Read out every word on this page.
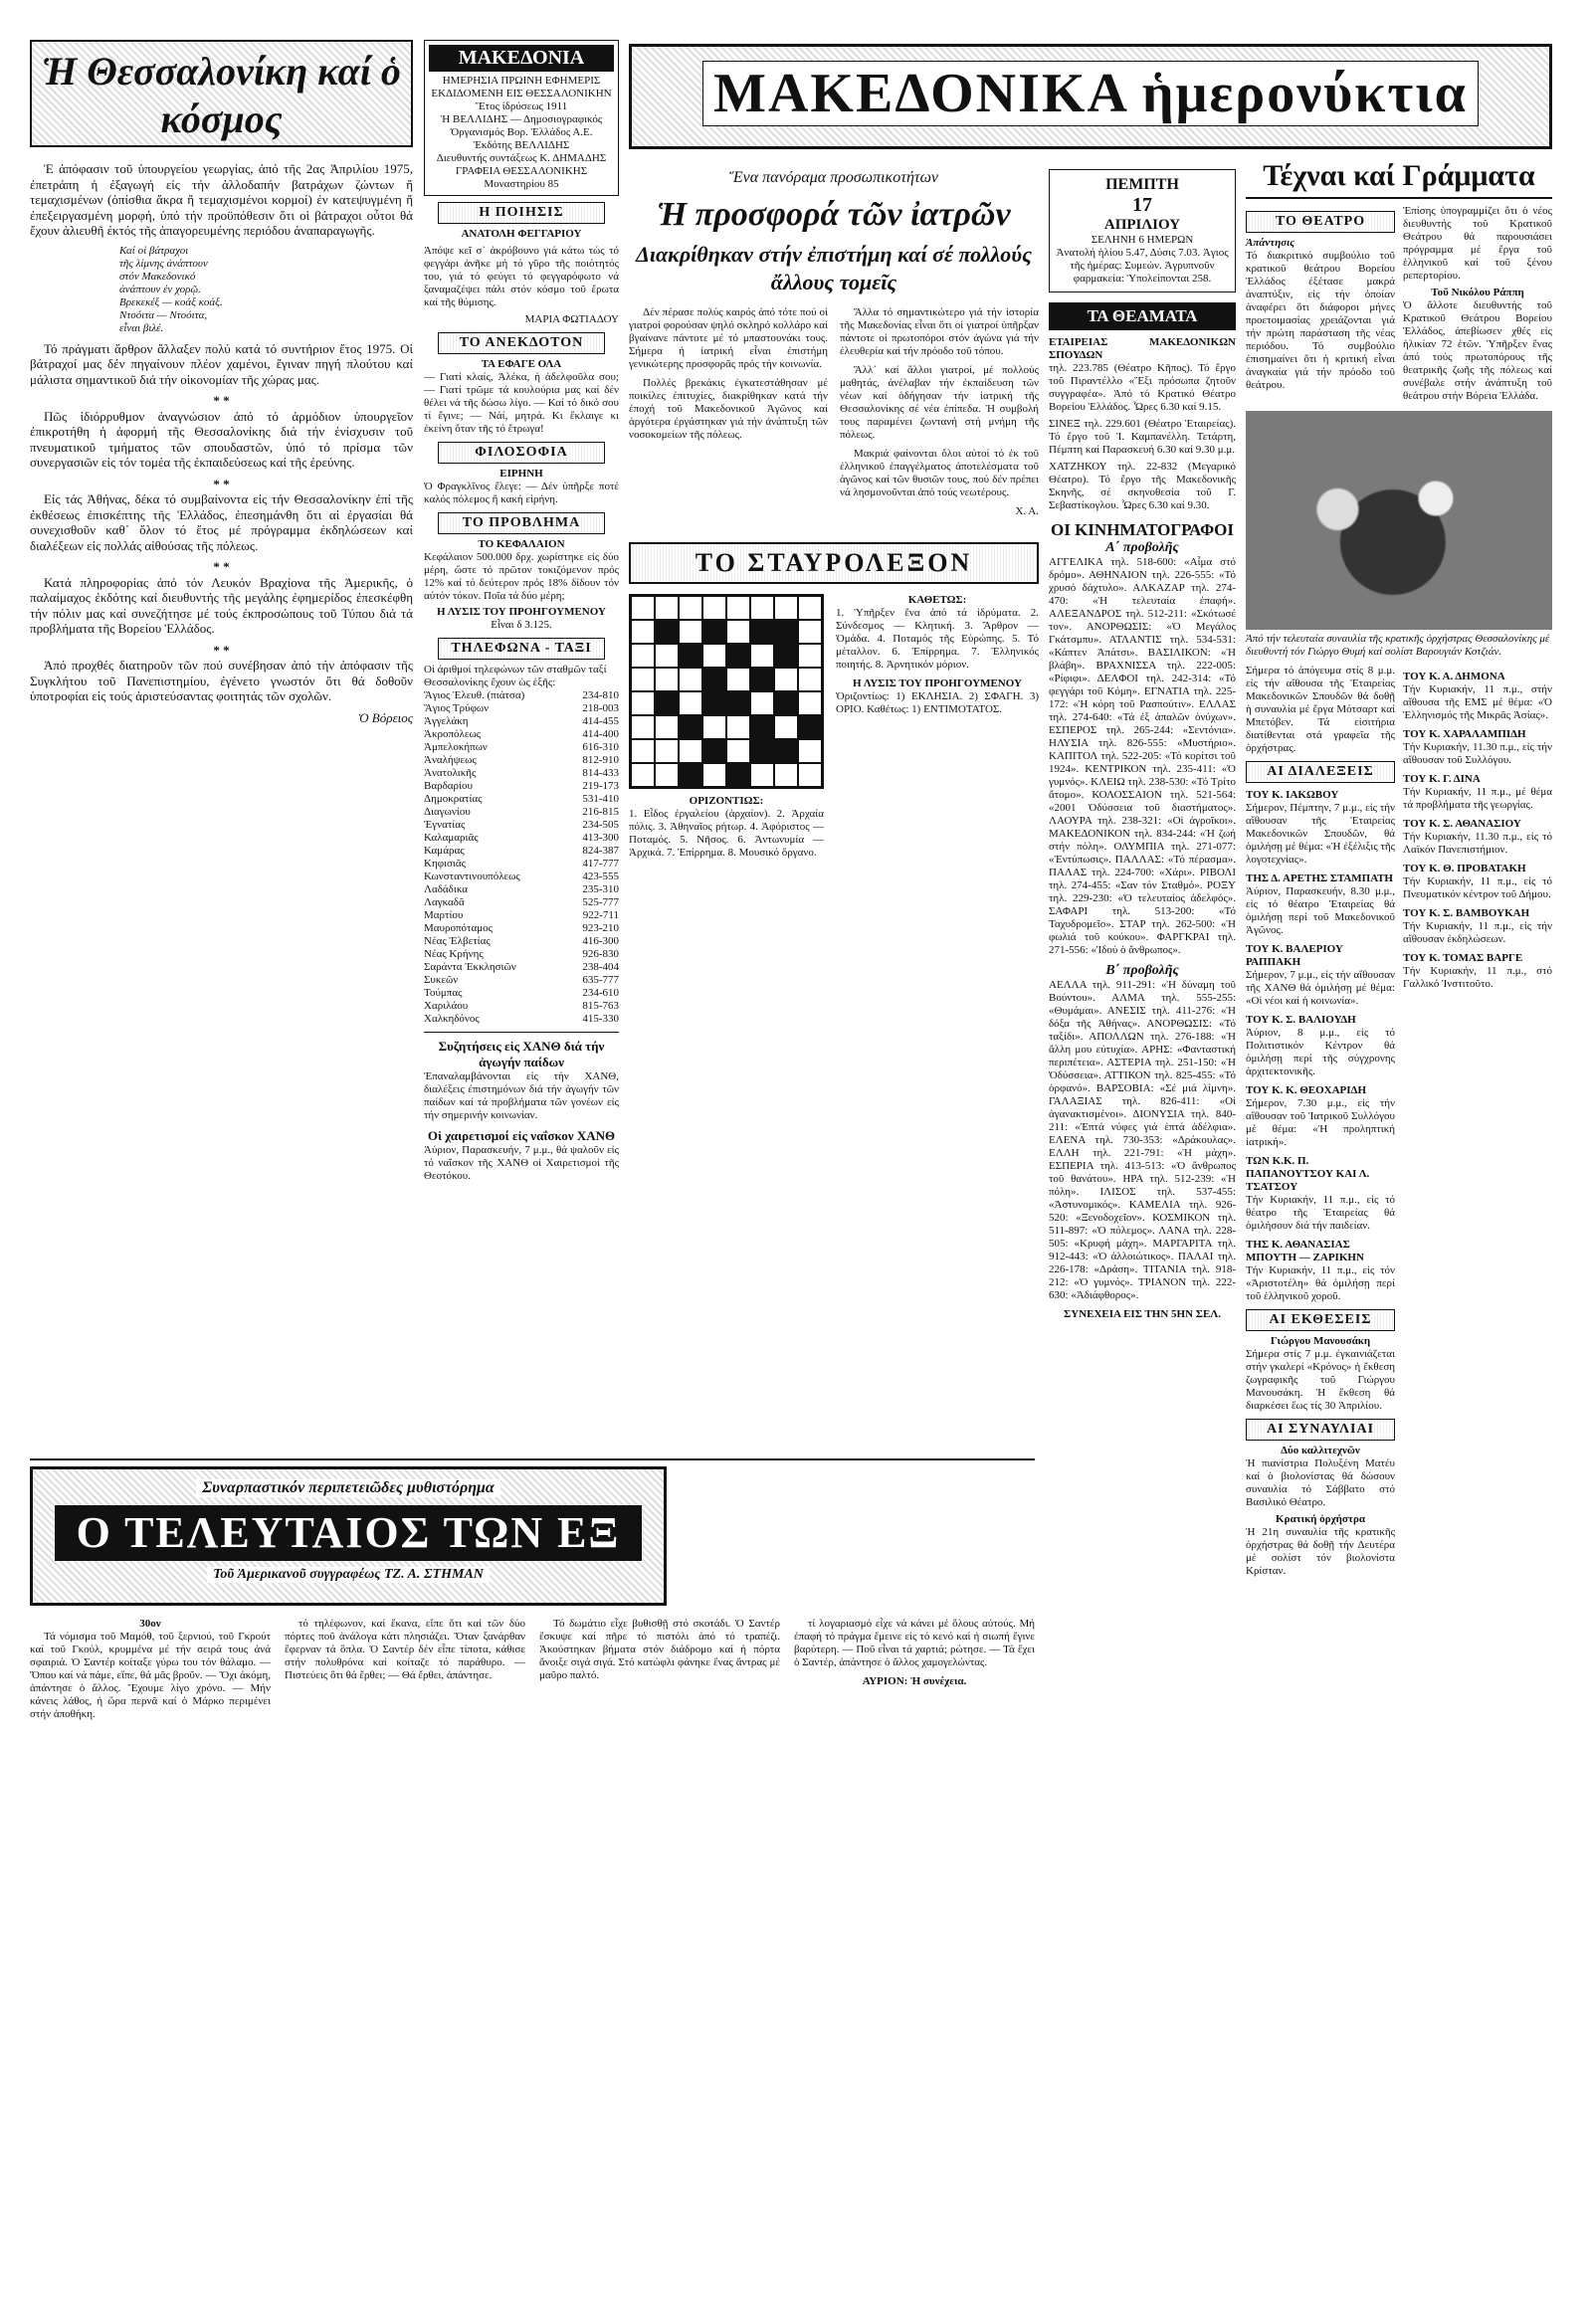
Ἡ Θεσσαλονίκη καί ὁ κόσμος

Ἐ ἀπόφασιν τοῦ ὑπουργείου γεωργίας, ἀπό τῆς 2ας Ἀπριλίου 1975, ἐπετράπη ἡ ἐξαγωγή εἰς τήν ἀλλοδαπήν βατράχων ζώντων ἤ τεμαχισμένων (ὀπίσθια ἄκρα ἤ τεμαχισμένοι κορμοί) ἐν κατεψυγμένη ἤ ἐπεξειργασμένη μορφή, ὑπό τήν προϋπόθεσιν ὅτι οἱ βάτραχοι οὗτοι θά ἔχουν ἀλιευθῆ ἐκτός τῆς ἀπαγορευμένης περιόδου ἀναπαραγωγῆς.

Καί οἱ βάτραχοι
τῆς λίμνης ἀνάπτουν
στόν Μακεδονικό
ἀνάπτουν ἐν χορῷ.
Βρεκεκέξ — κοάξ κοάξ.
Ντοόιτα — Ντοόιτα,
εἶναι βιλέ.

Τό πράγματι ἄρθρον ἄλλαξεν πολύ κατά τό συντήριον ἔτος 1975. Οἱ βάτραχοί μας δέν πηγαίνουν πλέον χαμένοι, ἔγιναν πηγή πλούτου καί μάλιστα σημαντικοῦ διά τήν οἰκονομίαν τῆς χώρας μας.

* *

Πῶς ἱδιόρρυθμον ἀναγνώσιον ἀπό τό ἀρμόδιον ὑπουργεῖον ἐπικροτήθη ἡ ἀφορμή τῆς Θεσσαλονίκης διά τήν ἑνίσχυσιν τοῦ πνευματικοῦ τμήματος τῶν σπουδαστῶν, ὑπό τό πρίσμα τῶν συνεργασιῶν εἰς τόν τομέα τῆς ἐκπαιδεύσεως καί τῆς ἐρεύνης.

* *

Εἰς τάς Ἀθήνας, δέκα τό συμβαίνοντα εἰς τήν Θεσσαλονίκην ἐπί τῆς ἐκθέσεως ἐπισκέπτης τῆς Ἑλλάδος, ἐπεσημάνθη ὅτι αἱ ἐργασίαι θά συνεχισθοῦν καθ᾽ ὅλον τό ἔτος μέ πρόγραμμα ἐκδηλώσεων καί διαλέξεων εἰς πολλάς αἰθούσας τῆς πόλεως.

* *

Κατά πληροφορίας ἀπό τόν Λευκόν Βραχίονα τῆς Ἀμερικῆς, ὁ παλαίμαχος ἐκδότης καί διευθυντής τῆς μεγάλης ἐφημερίδος ἐπεσκέφθη τήν πόλιν μας καί συνεζήτησε μέ τούς ἐκπροσώπους τοῦ Τύπου διά τά προβλήματα τῆς Βορείου Ἑλλάδος.

* *

Ἀπό προχθές διατηροῦν τῶν πού συνέβησαν ἀπό τήν ἀπόφασιν τῆς Συγκλήτου τοῦ Πανεπιστημίου, ἐγένετο γνωστόν ὅτι θά δοθοῦν ὑποτροφίαι εἰς τούς ἀριστεύσαντας φοιτητάς τῶν σχολῶν.

Ὁ Βόρειος
ΜΑΚΕΔΟΝΙΑ
ΗΜΕΡΗΣΙΑ ΠΡΩΙΝΗ ΕΦΗΜΕΡΙΣ ΕΚΔΙΔΟΜΕΝΗ ΕΙΣ ΘΕΣΣΑΛΟΝΙΚΗΝ
Ἔτος ἱδρύσεως 1911
Ἡ ΒΕΛΛΙΔΗΣ — Δημοσιογραφικός Ὀργανισμός Βορ. Ἑλλάδος Α.Ε.
Ἐκδότης ΒΕΛΛΙΔΗΣ
Διευθυντής συντάξεως Κ. ΔΗΜΑΔΗΣ
ΓΡΑΦΕΙΑ ΘΕΣΣΑΛΟΝΙΚΗΣ Μοναστηρίου 85
Η ΠΟΙΗΣΙΣ
ΑΝΑΤΟΛΗ ΦΕΓΓΑΡΙΟΥ
Ἀπόψε κεῖ σ᾽ ἀκρόβουνο γιά κάτω τώς τό φεγγάρι ἀνῆκε μή τό γῦρο τῆς ποιότητός του, γιά τό φεύγει τό φεγγαρόφωτο νά ξαναμαζέψει πάλι στόν κόσμο τοῦ ἔρωτα καί τῆς θύμισης.
ΜΑΡΙΑ ΦΩΤΙΑΔΟΥ
ΤΟ ΑΝΕΚΔΟΤΟΝ
ΤΑ ΕΦΑΓΕ ΟΛΑ
— Γιατί κλαίς, Ἀλέκα, ἡ ἀδελφοῦλα σου; — Γιατί τρῶμε τά κουλούρια μας καί δέν θέλει νά τῆς δώσω λίγο. — Καί τό δικό σου τί ἔγινε; — Νάί, μητρά. Κι ἔκλαιγε κι ἐκείνη ὅταν τῆς τό ἔτρωγα!
ΦΙΛΟΣΟΦΙΑ
ΕΙΡΗΝΗ
Ὁ Φραγκλῖνος ἔλεγε: — Δέν ὑπῆρξε ποτέ καλός πόλεμος ἤ κακή εἰρήνη.
ΤΟ ΠΡΟΒΛΗΜΑ
ΤΟ ΚΕΦΑΛΑΙΟΝ
Κεφάλαιον 500.000 δρχ. χωρίστηκε εἰς δύο μέρη, ὥστε τό πρῶτον τοκιζόμενον πρός 12% καί τό δεύτερον πρός 18% δίδουν τόν αὐτόν τόκον. Ποῖα τά δύο μέρη;
Η ΛΥΣΙΣ ΤΟΥ ΠΡΟΗΓΟΥΜΕΝΟΥ
Εἶναι δ 3.125.
ΤΗΛΕΦΩΝΑ - ΤΑΞΙ
Οἱ ἀριθμοί τηλεφώνων τῶν σταθμῶν ταξί Θεσσαλονίκης ἔχουν ὡς ἑξῆς:
Ἅγιος Ἐλευθ. (πιάτσα)	234-810
Ἅγιος Τρύφων	218-003
Ἀγγελάκη	414-455
Ἀκροπόλεως	414-400
Ἀμπελοκήπων	616-310
Ἀναλήψεως	812-910
Ἀνατολικῆς	814-433
Βαρδαρίου	219-173
Δημοκρατίας	531-410
Διαγωνίου	216-815
Ἐγνατίας	234-505
Καλαμαριᾶς	413-300
Καμάρας	824-387
Κηφισιᾶς	417-777
Κωνσταντινουπόλεως	423-555
Λαδάδικα	235-310
Λαγκαδᾶ	525-777
Μαρτίου	922-711
Μαυροπόταμος	923-210
Νέας Ἐλβετίας	416-300
Νέας Κρήνης	926-830
Σαράντα Ἐκκλησιῶν	238-404
Συκεῶν	635-777
Τούμπας	234-610
Χαριλάου	815-763
Χαλκηδόνος	415-330
Συζητήσεις εἰς ΧΑΝΘ διά τήν ἀγωγήν παίδων
Ἐπαναλαμβάνονται εἰς τήν ΧΑΝΘ, διαλέξεις ἐπιστημόνων διά τήν ἀγωγήν τῶν παίδων καί τά προβλήματα τῶν γονέων εἰς τήν σημερινήν κοινωνίαν.
Οἱ χαιρετισμοί εἰς ναΐσκον ΧΑΝΘ
Ἀύριον, Παρασκευήν, 7 μ.μ., θά ψαλοῦν εἰς τό ναΐσκον τῆς ΧΑΝΘ οἱ Χαιρετισμοί τῆς Θεοτόκου.
ΜΑΚΕΔΟΝΙΚΑ ἡμερονύκτια
Ἕνα πανόραμα προσωπικοτήτων
Ἡ προσφορά τῶν ἰατρῶν
Διακρίθηκαν στήν ἐπιστήμη καί σέ πολλούς ἄλλους τομεῖς

Δέν πέρασε πολύς καιρός ἀπό τότε πού οἱ γιατροί φορούσαν ψηλό σκληρό κολλάρο καί βγαίνανε πάντοτε μέ τό μπαστουνάκι τους. Σήμερα ἡ ἰατρική εἶναι ἐπιστήμη γενικώτερης προσφορᾶς πρός τήν κοινωνία.

Πολλές βρεκάκις ἐγκατεστάθησαν μέ ποικίλες ἐπιτυχίες, διακρίθηκαν κατά τήν ἐποχή τοῦ Μακεδονικοῦ Ἀγῶνος καί ἀργότερα ἐργάστηκαν γιά τήν ἀνάπτυξη τῶν νοσοκομείων τῆς πόλεως.

Ἄλλα τό σημαντικώτερο γιά τήν ἱστορία τῆς Μακεδονίας εἶναι ὅτι οἱ γιατροί ὑπῆρξαν πάντοτε οἱ πρωτοπόροι στόν ἀγώνα γιά τήν ἐλευθερία καί τήν πρόοδο τοῦ τόπου.

Ἄλλ᾽ καί ἄλλοι γιατροί, μέ πολλούς μαθητάς, ἀνέλαβαν τήν ἐκπαίδευση τῶν νέων καί ὁδήγησαν τήν ἰατρική τῆς Θεσσαλονίκης σέ νέα ἐπίπεδα. Ἡ συμβολή τους παραμένει ζωντανή στή μνήμη τῆς πόλεως.

Μακριά φαίνονται ὅλοι αὐτοί τό ἐκ τοῦ ἐλληνικοῦ ἐπαγγέλματος ἀποτελέσματα τοῦ ἀγῶνος καί τῶν θυσιῶν τους, πού δέν πρέπει νά λησμονοῦνται ἀπό τούς νεωτέρους.

Χ. Α.
ΤΟ ΣΤΑΥΡΟΛΕΞΟΝ
ΚΑΘΕΤΩΣ:
1. Ὑπῆρξεν ἕνα ἀπό τά ἰδρύματα. 2. Σύνδεσμος — Κλητική. 3. Ἄρθρον — Ὁμάδα. 4. Ποταμός τῆς Εὐρώπης. 5. Τό μέταλλον. 6. Ἐπίρρημα. 7. Ἐλληνικός ποιητής. 8. Ἀρνητικόν μόριον.
Η ΛΥΣΙΣ ΤΟΥ ΠΡΟΗΓΟΥΜΕΝΟΥ
Ὁριζοντίως: 1) ΕΚΛΗΣΙΑ. 2) ΣΦΑΓΗ. 3) ΟΡΙΟ. Καθέτως: 1) ΕΝΤΙΜΟΤΑΤΟΣ.
ΟΡΙΖΟΝΤΙΩΣ:
1. Εἶδος ἐργαλείου (ἀρχαίον). 2. Ἀρχαία πόλις. 3. Ἀθηναῖος ρήτωρ. 4. Ἀφόριστος — Ποταμός. 5. Νῆσος. 6. Ἀντωνυμία — Ἀρχικά. 7. Ἐπίρρημα. 8. Μουσικό ὄργανο.
ΠΕΜΠΤΗ
17
ΑΠΡΙΛΙΟΥ
ΣΕΛΗΝΗ 6 ΗΜΕΡΩΝ
Ἀνατολή ἡλίου 5.47, Δύσις 7.03. Ἀγιος τῆς ἡμέρας: Συμεών. Ἀγρυπνοῦν φαρμακεία: Ὑπολείπονται 258.
ΤΑ ΘΕΑΜΑΤΑ
ΕΤΑΙΡΕΙΑΣ ΜΑΚΕΔΟΝΙΚΩΝ ΣΠΟΥΔΩΝ
τηλ. 223.785 (Θέατρο Κῆπος). Τό ἔργο τοῦ Πιραντέλλο «Ἕξι πρόσωπα ζητοῦν συγγραφέα». Ἀπό τό Κρατικό Θέατρο Βορείου Ἑλλάδος. Ὧρες 6.30 καί 9.15.
ΣΙΝΕΞ τηλ. 229.601 (Θέατρο Ἑταιρείας). Τό ἔργο τοῦ Ἰ. Καμπανέλλη. Τετάρτη, Πέμπτη καί Παρασκευή 6.30 καί 9.30 μ.μ.
ΧΑΤΖΗΚΟΥ τηλ. 22-832 (Μεγαρικό Θέατρο). Τό ἔργο τῆς Μακεδονικῆς Σκηνῆς, σέ σκηνοθεσία τοῦ Γ. Σεβαστίκογλου. Ὧρες 6.30 καί 9.30.
ΟΙ ΚΙΝΗΜΑΤΟΓΡΑΦΟΙ
Α΄ προβολῆς
ΑΓΓΕΛΙΚΑ τηλ. 518-600: «Αἷμα στό δρόμο». ΑΘΗΝΑΙΟΝ τηλ. 226-555: «Τό χρυσό δάχτυλο». ΑΛΚΑΖΑΡ τηλ. 274-470: «Ἡ τελευταία ἐπαφή». ΑΛΕΞΑΝΔΡΟΣ τηλ. 512-211: «Σκότωσέ τον». ΑΝΟΡΘΩΣΙΣ: «Ὁ Μεγάλος Γκάτσμπυ». ΑΤΛΑΝΤΙΣ τηλ. 534-531: «Κάπτεν Ἀπάτσι». ΒΑΣΙΛΙΚΟΝ: «Ἡ βλάβη». ΒΡΑΧΝΙΣΣΑ τηλ. 222-005: «Ρίφιφι». ΔΕΛΦΟΙ τηλ. 242-314: «Τό φεγγάρι τοῦ Κόμη». ΕΓΝΑΤΙΑ τηλ. 225-172: «Ἡ κόρη τοῦ Ρασπούτιν». ΕΛΛΑΣ τηλ. 274-640: «Τά ἐξ ἀπαλῶν ὀνύχων». ΕΣΠΕΡΟΣ τηλ. 265-244: «Σεντόνια». ΗΛΥΣΙΑ τηλ. 826-555: «Μυστήριο». ΚΑΠΙΤΟΛ τηλ. 522-205: «Τό κορίτσι τοῦ 1924». ΚΕΝΤΡΙΚΟΝ τηλ. 235-411: «Ὁ γυμνός». ΚΛΕΙΩ τηλ. 238-530: «Τό Τρίτο ἄτομο». ΚΟΛΟΣΣΑΙΟΝ τηλ. 521-564: «2001 Ὀδύσσεια τοῦ διαστήματος». ΛΑΟΥΡΑ τηλ. 238-321: «Οἱ ἀγροῖκοι». ΜΑΚΕΔΟΝΙΚΟΝ τηλ. 834-244: «Ἡ ζωή στήν πόλη». ΟΛΥΜΠΙΑ τηλ. 271-077: «Ἐντύπωσις». ΠΑΛΛΑΣ: «Τό πέρασμα». ΠΑΛΑΣ τηλ. 224-700: «Χάρι». ΡΙΒΟΛΙ τηλ. 274-455: «Σαν τόν Σταθμό». ΡΟΞΥ τηλ. 229-230: «Ὁ τελευταίος ἀδελφός». ΣΑΦΑΡΙ τηλ. 513-200: «Τό Ταχυδρομεῖο». ΣΤΑΡ τηλ. 262-500: «Ἡ φωλιά τοῦ κούκου». ΦΑΡΓΚΡΑΙ τηλ. 271-556: «Ἰδού ὁ ἄνθρωπος».
Β΄ προβολῆς
ΑΕΛΛΑ τηλ. 911-291: «Ἡ δύναμη τοῦ Βούντου». ΑΛΜΑ τηλ. 555-255: «Θυμάμαι». ΑΝΕΣΙΣ τηλ. 411-276: «Ἡ δόξα τῆς Ἀθήνας». ΑΝΟΡΘΩΣΙΣ: «Τό ταξίδι». ΑΠΟΛΛΩΝ τηλ. 276-188: «Ἡ ἄλλη μου εὐτυχία». ΑΡΗΣ: «Φανταστική περιπέτεια». ΑΣΤΕΡΙΑ τηλ. 251-150: «Ἡ Ὀδύσσεια». ΑΤΤΙΚΟΝ τηλ. 825-455: «Τό ὀρφανό». ΒΑΡΣΟΒΙΑ: «Σέ μιά λίμνη». ΓΑΛΑΞΙΑΣ τηλ. 826-411: «Οἱ ἀγανακτισμένοι». ΔΙΟΝΥΣΙΑ τηλ. 840-211: «Ἐπτά νύφες γιά ἑπτά ἀδέλφια». ΕΛΕΝΑ τηλ. 730-353: «Δράκουλας». ΕΛΛΗ τηλ. 221-791: «Ἡ μάχη». ΕΣΠΕΡΙΑ τηλ. 413-513: «Ὁ ἄνθρωπος τοῦ θανάτου». ΗΡΑ τηλ. 512-239: «Ἡ πόλη». ΙΛΙΣΟΣ τηλ. 537-455: «Ἀστυνομικός». ΚΑΜΕΛΙΑ τηλ. 926-520: «Ξενοδοχεῖον». ΚΟΣΜΙΚΟΝ τηλ. 511-897: «Ὁ πόλεμος». ΛΑΝΑ τηλ. 228-505: «Κρυφή μάχη». ΜΑΡΓΑΡΙΤΑ τηλ. 912-443: «Ὁ ἀλλοιώτικος». ΠΑΛΑΙ τηλ. 226-178: «Δράση». ΤΙΤΑΝΙΑ τηλ. 918-212: «Ὁ γυμνός». ΤΡΙΑΝΟΝ τηλ. 222-630: «Ἀδιάφθορος».
ΣΥΝΕΧΕΙΑ ΕΙΣ ΤΗΝ 5ΗΝ ΣΕΛ.
Τέχναι καί Γράμματα
ΤΟ ΘΕΑΤΡΟ
Ἀπάντησις
Τό διακριτικό συμβούλιο τοῦ κρατικοῦ θεάτρου Βορείου Ἑλλάδος ἐξέτασε μακρά ἀναπτύξιν, εἰς τήν ὁποίαν ἀναφέρει ὅτι διάφοροι μήνες προετοιμασίας χρειάζονται γιά τήν πρώτη παράσταση τῆς νέας περιόδου. Τό συμβούλιο ἐπισημαίνει ὅτι ἡ κριτική εἶναι ἀναγκαία γιά τήν πρόοδο τοῦ θεάτρου.
Ἐπίσης ὑπογραμμίζει ὅτι ὁ νέος διευθυντής τοῦ Κρατικοῦ Θεάτρου θά παρουσιάσει πρόγραμμα μέ ἔργα τοῦ ἑλληνικοῦ καί τοῦ ξένου ρεπερτορίου.
Τοῦ Νικόλου Ράππη
Ὁ ἄλλοτε διευθυντής τοῦ Κρατικοῦ Θεάτρου Βορείου Ἑλλάδος, ἀπεβίωσεν χθές εἰς ἡλικίαν 72 ἐτῶν. Ὑπῆρξεν ἕνας ἀπό τούς πρωτοπόρους τῆς θεατρικῆς ζωῆς τῆς πόλεως καί συνέβαλε στήν ἀνάπτυξη τοῦ θεάτρου στήν Βόρεια Ἑλλάδα.
Ἀπό τήν τελευταία συναυλία τῆς κρατικῆς ὀρχήστρας Θεσσαλονίκης μέ διευθυντή τόν Γιώργο Θυμή καί σολίστ Βαρουγιάν Κοτζιάν.
Σήμερα τό ἀπόγευμα στίς 8 μ.μ. εἰς τήν αἴθουσα τῆς Ἑταιρείας Μακεδονικῶν Σπουδῶν θά δοθῇ ἡ συναυλία μέ ἔργα Μότσαρτ καί Μπετόβεν. Τά εἰσιτήρια διατίθενται στά γραφεῖα τῆς ὀρχήστρας.
ΑΙ ΔΙΑΛΕΞΕΙΣ
ΤΟΥ Κ. ΙΑΚΩΒΟΥ
Σήμερον, Πέμπτην, 7 μ.μ., εἰς τήν αἴθουσαν τῆς Ἑταιρείας Μακεδονικῶν Σπουδῶν, θά ὁμιλήσῃ μέ θέμα: «Ἡ ἐξέλιξις τῆς λογοτεχνίας».
ΤΗΣ Δ. ΑΡΕΤΗΣ ΣΤΑΜΠΑΤΗ
Ἀύριον, Παρασκευήν, 8.30 μ.μ., εἰς τό θέατρο Ἑταιρείας θά ὁμιλήσῃ περί τοῦ Μακεδονικοῦ Ἀγῶνος.
ΤΟΥ Κ. ΒΑΛΕΡΙΟΥ ΡΑΠΠΑΚΗ
Σήμερον, 7 μ.μ., εἰς τήν αἴθουσαν τῆς ΧΑΝΘ θά ὁμιλήσῃ μέ θέμα: «Οἱ νέοι καί ἡ κοινωνία».
ΤΟΥ Κ. Σ. ΒΑΛΙΟΥΔΗ
Ἀύριον, 8 μ.μ., εἰς τό Πολιτιστικόν Κέντρον θά ὁμιλήσῃ περί τῆς σύγχρονης ἀρχιτεκτονικῆς.
ΤΟΥ Κ. Κ. ΘΕΟΧΑΡΙΔΗ
Σήμερον, 7.30 μ.μ., εἰς τήν αἴθουσαν τοῦ Ἰατρικοῦ Συλλόγου μέ θέμα: «Ἡ προληπτική ἰατρική».
ΤΩΝ Κ.Κ. Π. ΠΑΠΑΝΟΥΤΣΟΥ ΚΑΙ Λ. ΤΣΑΤΣΟΥ
Τήν Κυριακήν, 11 π.μ., εἰς τό θέατρο τῆς Ἑταιρείας θά ὁμιλήσουν διά τήν παιδείαν.
ΤΗΣ Κ. ΑΘΑΝΑΣΙΑΣ ΜΠΟΥΤΗ — ΖΑΡΙΚΗΝ
Τήν Κυριακήν, 11 π.μ., εἰς τόν «Ἀριστοτέλη» θά ὁμιλήσῃ περί τοῦ ἑλληνικοῦ χοροῦ.
ΑΙ ΕΚΘΕΣΕΙΣ
Γιώργου Μανουσάκη
Σήμερα στίς 7 μ.μ. ἐγκαινιάζεται στήν γκαλερί «Κρόνος» ἡ ἔκθεση ζωγραφικῆς τοῦ Γιώργου Μανουσάκη. Ἡ ἔκθεση θά διαρκέσει ἕως τίς 30 Ἀπριλίου.
ΑΙ ΣΥΝΑΥΛΙΑΙ
Δύο καλλιτεχνῶν
Ἡ πιανίστρια Πολυξένη Ματέυ καί ὁ βιολονίστας θά δώσουν συναυλία τό Σάββατο στό Βασιλικό Θέατρο.
Κρατική ὀρχήστρα
Ἡ 21η συναυλία τῆς κρατικῆς ὀρχήστρας θά δοθῇ τήν Δευτέρα μέ σολίστ τόν βιολονίστα Κρίσταν.
ΤΟΥ Κ. Α. ΔΗΜΟΝΑ
Τήν Κυριακήν, 11 π.μ., στήν αἴθουσα τῆς ΕΜΣ μέ θέμα: «Ὁ Ἑλληνισμός τῆς Μικρᾶς Ἀσίας».
ΤΟΥ Κ. ΧΑΡΑΛΑΜΠΙΔΗ
Τήν Κυριακήν, 11.30 π.μ., εἰς τήν αἴθουσαν τοῦ Συλλόγου.
ΤΟΥ Κ. Γ. ΔΙΝΑ
Τήν Κυριακήν, 11 π.μ., μέ θέμα τά προβλήματα τῆς γεωργίας.
ΤΟΥ Κ. Σ. ΑΘΑΝΑΣΙΟΥ
Τήν Κυριακήν, 11.30 π.μ., εἰς τό Λαϊκόν Πανεπιστήμιον.
ΤΟΥ Κ. Θ. ΠΡΟΒΑΤΑΚΗ
Τήν Κυριακήν, 11 π.μ., εἰς τό Πνευματικόν κέντρον τοῦ Δήμου.
ΤΟΥ Κ. Σ. ΒΑΜΒΟΥΚΑΗ
Τήν Κυριακήν, 11 π.μ., εἰς τήν αἴθουσαν ἐκδηλώσεων.
ΤΟΥ Κ. ΤΟΜΑΣ ΒΑΡΓΕ
Τήν Κυριακήν, 11 π.μ., στό Γαλλικό Ἰνστιτοῦτο.
Συναρπαστικόν περιπετειῶδες μυθιστόρημα
Ο ΤΕΛΕΥΤΑΙΟΣ ΤΩΝ ΕΞ
Τοῦ Ἀμερικανοῦ συγγραφέως ΤΖ. Α. ΣΤΗΜΑΝ
30ον

Τά νόμισμα τοῦ Μαμόθ, τοῦ ξερνιού, τοῦ Γκρούτ καί τοῦ Γκούλ, κρυμμένα μέ τήν σειρά τους ἀνά σφαιριά. Ὁ Σαντέρ κοίταξε γύρω του τόν θάλαμο. — Ὅπου καί νά πάμε, εἴπε, θά μᾶς βροῦν. — Ὄχι ἀκόμη, ἀπάντησε ὁ ἄλλος. Ἔχουμε λίγο χρόνο. — Μήν κάνεις λάθος, ἡ ὥρα περνᾶ καί ὁ Μάρκο περιμένει στήν ἀποθήκη.

τό τηλέφωνον, καί ἔκανα, εἴπε ὅτι καί τῶν δύο πόρτες ποῦ ἀνάλογα κάτι πλησιάζει. Ὅταν ξανάρθαν ἔφερναν τά ὅπλα. Ὁ Σαντέρ δέν εἶπε τίποτα, κάθισε στήν πολυθρόνα καί κοίταζε τό παράθυρο. — Πιστεύεις ὅτι θά ἔρθει; — Θά ἔρθει, ἀπάντησε.

Τό δωμάτιο εἶχε βυθισθῇ στό σκοτάδι. Ὁ Σαντέρ ἔσκυψε καί πῆρε τό πιστόλι ἀπό τό τραπέζι. Ἀκούστηκαν βήματα στόν διάδρομο καί ἡ πόρτα ἄνοιξε σιγά σιγά. Στό κατώφλι φάνηκε ἕνας ἄντρας μέ μαῦρο παλτό.

τί λογαριασμό εἶχε νά κάνει μέ ὅλους αὐτούς. Μή ἐπαφή τό πράγμα ἔμεινε εἰς τό κενό καί ἡ σιωπή ἔγινε βαρύτερη. — Ποῦ εἶναι τά χαρτιά; ρώτησε. — Τά ἔχει ὁ Σαντέρ, ἀπάντησε ὁ ἄλλος χαμογελώντας.

ΑΥΡΙΟΝ: Ἡ συνέχεια.
